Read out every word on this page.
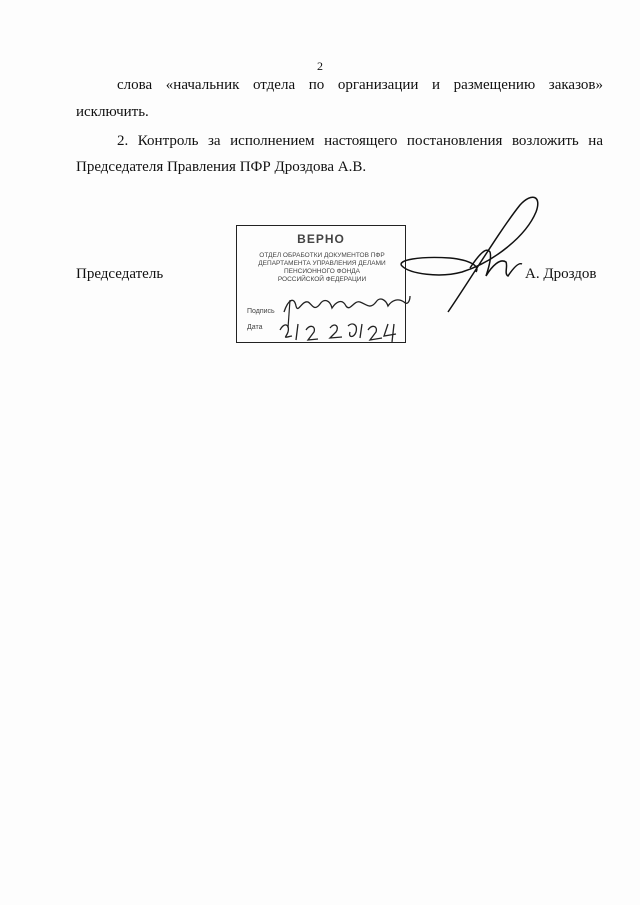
2
слова «начальник отдела по организации и размещению заказов»
исключить.
2. Контроль за исполнением настоящего постановления возложить на
Председателя Правления ПФР Дроздова А.В.
Председатель	А. Дроздов
ВЕРНО
ОТДЕЛ ОБРАБОТКИ ДОКУМЕНТОВ ПФР
ДЕПАРТАМЕНТА УПРАВЛЕНИЯ ДЕЛАМИ
ПЕНСИОННОГО ФОНДА
РОССИЙСКОЙ ФЕДЕРАЦИИ
Подпись
Дата
